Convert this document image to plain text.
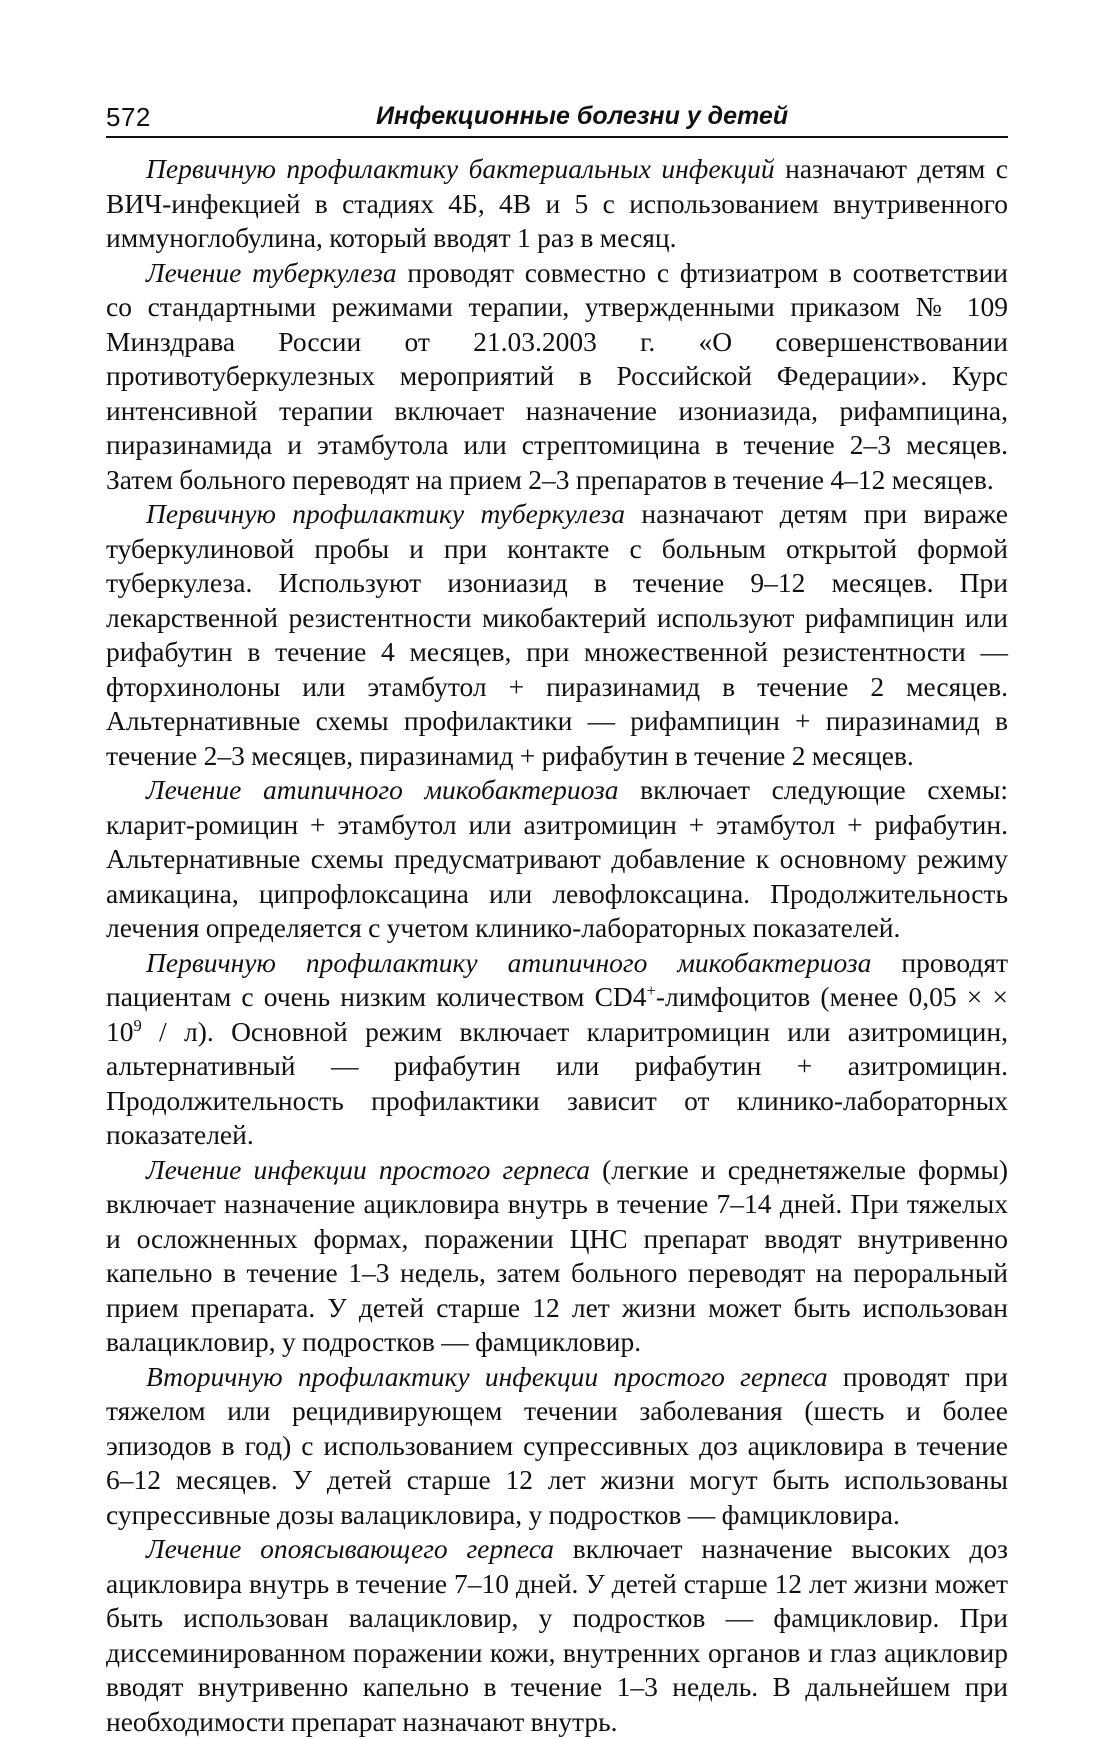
572	Инфекционные болезни у детей

Первичную профилактику бактериальных инфекций назначают детям с ВИЧ-инфекцией в стадиях 4Б, 4В и 5 с использованием внутривенного иммуноглобулина, который вводят 1 раз в месяц.

Лечение туберкулеза проводят совместно с фтизиатром в соответствии со стандартными режимами терапии, утвержденными приказом № 109 Минздрава России от 21.03.2003 г. «О совершенствовании противотуберкулезных мероприятий в Российской Федерации». Курс интенсивной терапии включает назначение изониазида, рифампицина, пиразинамида и этамбутола или стрептомицина в течение 2–3 месяцев. Затем больного переводят на прием 2–3 препаратов в течение 4–12 месяцев.

Первичную профилактику туберкулеза назначают детям при вираже туберкулиновой пробы и при контакте с больным открытой формой туберкулеза. Используют изониазид в течение 9–12 месяцев. При лекарственной резистентности микобактерий используют рифампицин или рифабутин в течение 4 месяцев, при множественной резистентности — фторхинолоны или этамбутол + пиразинамид в течение 2 месяцев. Альтернативные схемы профилактики — рифампицин + пиразинамид в течение 2–3 месяцев, пиразинамид + рифабутин в течение 2 месяцев.

Лечение атипичного микобактериоза включает следующие схемы: кларит-ромицин + этамбутол или азитромицин + этамбутол + рифабутин. Альтернативные схемы предусматривают добавление к основному режиму амикацина, ципрофлоксацина или левофлоксацина. Продолжительность лечения определяется с учетом клинико-лабораторных показателей.

Первичную профилактику атипичного микобактериоза проводят пациентам с очень низким количеством CD4+-лимфоцитов (менее 0,05 × × $10^9 / л$). Основной режим включает кларитромицин или азитромицин, альтернативный — рифабутин или рифабутин + азитромицин. Продолжительность профилактики зависит от клинико-лабораторных показателей.

Лечение инфекции простого герпеса (легкие и среднетяжелые формы) включает назначение ацикловира внутрь в течение 7–14 дней. При тяжелых и осложненных формах, поражении ЦНС препарат вводят внутривенно капельно в течение 1–3 недель, затем больного переводят на пероральный прием препарата. У детей старше 12 лет жизни может быть использован валацикловир, у подростков — фамцикловир.

Вторичную профилактику инфекции простого герпеса проводят при тяжелом или рецидивирующем течении заболевания (шесть и более эпизодов в год) с использованием супрессивных доз ацикловира в течение 6–12 месяцев. У детей старше 12 лет жизни могут быть использованы супрессивные дозы валацикловира, у подростков — фамцикловира.

Лечение опоясывающего герпеса включает назначение высоких доз ацикловира внутрь в течение 7–10 дней. У детей старше 12 лет жизни может быть использован валацикловир, у подростков — фамцикловир. При диссеминированном поражении кожи, внутренних органов и глаз ацикловир вводят внутривенно капельно в течение 1–3 недель. В дальнейшем при необходимости препарат назначают внутрь.
